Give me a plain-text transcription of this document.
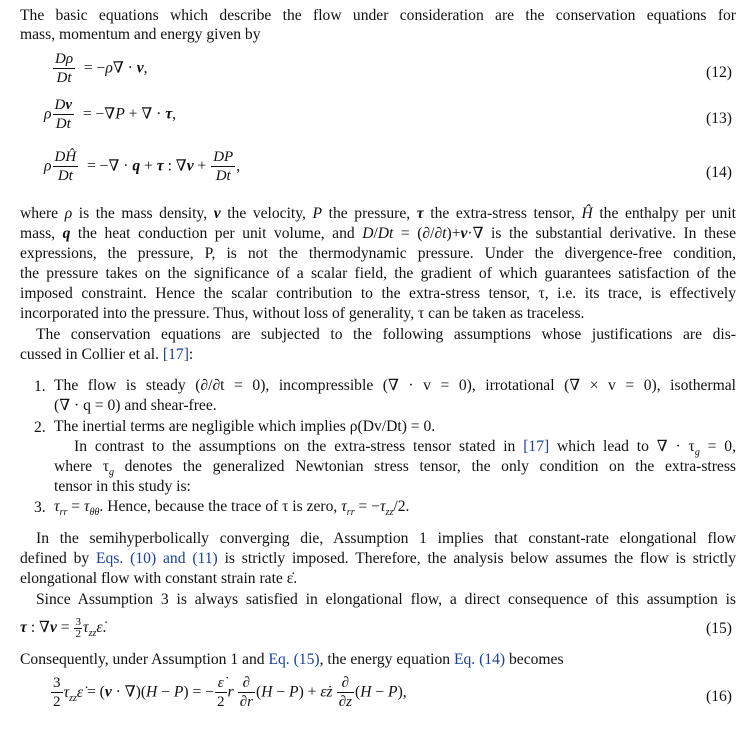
The basic equations which describe the flow under consideration are the conservation equations for
mass, momentum and energy given by
$\frac{D\rho}{Dt} = -\rho\nabla \cdot v$,	(12)
ρ $\frac{Dv}{Dt} = -\nabla P$ + ∇ · τ,	(13)
ρ $\frac{DĤ}{Dt}$ = −∇ · q + τ : $\nabla v + \frac{DP}{Dt}$ ,	(14)
where ρ is the mass density, v the velocity, P the pressure, τ the extra-stress tensor, Ĥ the enthalpy per unit
mass, q the heat conduction per unit volume, and D/Dt = (∂/∂t)+v·∇ is the substantial derivative. In these
expressions, the pressure, P, is not the thermodynamic pressure. Under the divergence-free condition,
the pressure takes on the significance of a scalar field, the gradient of which guarantees satisfaction of the
imposed constraint. Hence the scalar contribution to the extra-stress tensor, τ, i.e. its trace, is effectively
incorporated into the pressure. Thus, without loss of generality, τ can be taken as traceless.
The conservation equations are subjected to the following assumptions whose justifications are dis-
cussed in Collier et al. [17]:
1. The flow is steady (∂/∂t = 0), incompressible (∇ · v = 0), irrotational (∇ × v = 0), isothermal
(∇ · q = 0) and shear-free.
2. The inertial terms are negligible which implies ρ(Dv/Dt) = 0.
In contrast to the assumptions on the extra-stress tensor stated in [17] which lead to ∇ · $\tau_g = 0$,
where $\tau_g$ denotes the generalized Newtonian stress tensor, the only condition on the extra-stress
tensor in this study is:
3. $\tau_{rr} = \tau_{\theta\theta}$. Hence, because the trace of τ is zero, $\tau_{rr} = -\tau_{zz}/2$.
In the semihyperbolically converging die, Assumption 1 implies that constant-rate elongational flow
defined by Eqs. (10) and (11) is strictly imposed. Therefore, the analysis below assumes the flow is strictly
elongational flow with constant strain rate ε̇.
Since Assumption 3 is always satisfied in elongational flow, a direct consequence of this assumption is
τ : $\nabla v = \frac{3}{2}$ $\tau_{zz}\varepsiloṅ$.	(15)
Consequently, under Assumption 1 and Eq. (15), the energy equation Eq. (14) becomes
$\frac{3}{2}$ $\tau_{zz}\varepsiloṅ = (v \cdot \nabla)(H - P)$ = − $\frac{\varepsiloṅ}{2}$ r  $\frac{\partial}{\partial r} (H - P)$ + ε̇z  $\frac{\partial}{\partial z} (H - P)$,	(16)
